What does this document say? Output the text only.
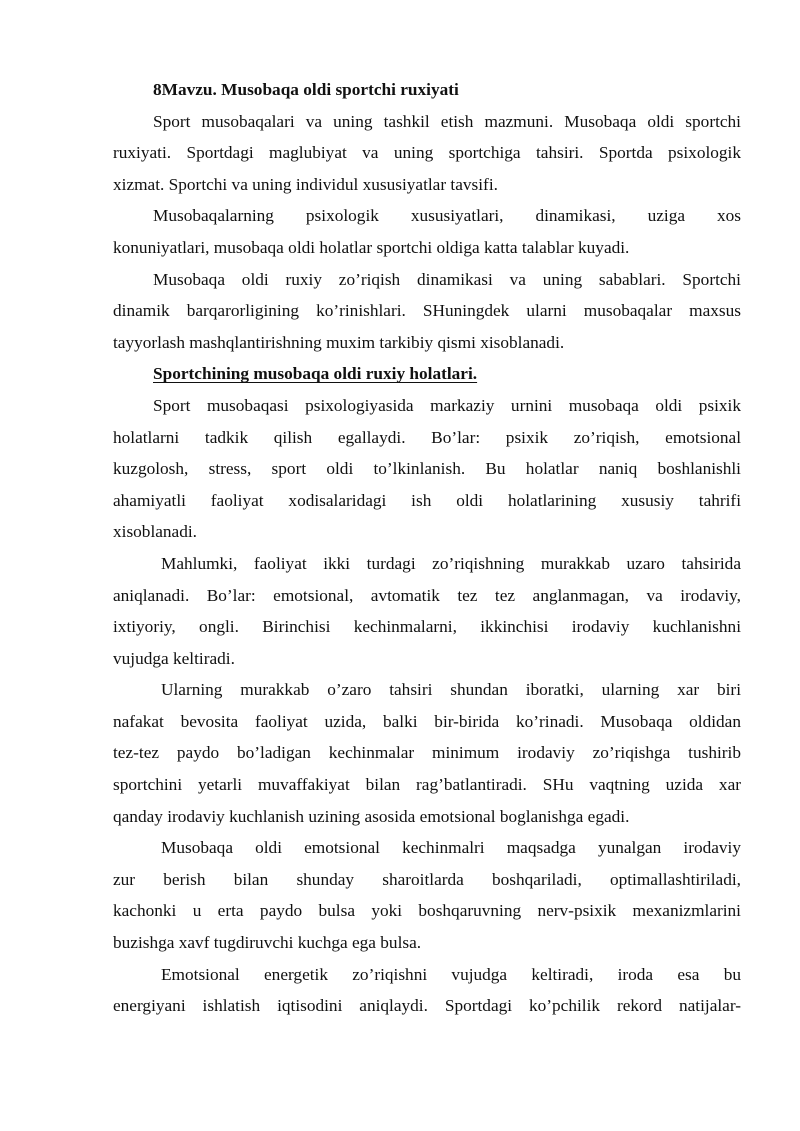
8Mavzu. Musobaqa oldi sportchi ruxiyati
Sport musobaqalari va uning tashkil etish mazmuni. Musobaqa oldi sportchi
ruxiyati. Sportdagi maglubiyat va uning sportchiga tahsiri. Sportda psixologik
xizmat. Sportchi va uning individul xususiyatlar tavsifi.
Musobaqalarning psixologik xususiyatlari, dinamikasi, uziga xos
konuniyatlari, musobaqa oldi holatlar sportchi oldiga katta talablar kuyadi.
Musobaqa oldi ruxiy zo’riqish dinamikasi va uning sabablari. Sportchi
dinamik barqarorligining ko’rinishlari. SHuningdek ularni musobaqalar maxsus
tayyorlash mashqlantirishning muxim tarkibiy qismi xisoblanadi.
Sportchining musobaqa oldi ruxiy holatlari.
Sport musobaqasi psixologiyasida markaziy urnini musobaqa oldi psixik
holatlarni tadkik qilish egallaydi. Bo’lar: psixik zo’riqish, emotsional
kuzgolosh, stress, sport oldi to’lkinlanish. Bu holatlar naniq boshlanishli
ahamiyatli faoliyat xodisalaridagi ish oldi holatlarining xususiy tahrifi
xisoblanadi.
Mahlumki, faoliyat ikki turdagi zo’riqishning murakkab uzaro tahsirida
aniqlanadi. Bo’lar: emotsional, avtomatik tez tez anglanmagan, va irodaviy,
ixtiyoriy, ongli. Birinchisi kechinmalarni, ikkinchisi irodaviy kuchlanishni
vujudga keltiradi.
Ularning murakkab o’zaro tahsiri shundan iboratki, ularning xar biri
nafakat bevosita faoliyat uzida, balki bir-birida ko’rinadi. Musobaqa oldidan
tez-tez paydo bo’ladigan kechinmalar minimum irodaviy zo’riqishga tushirib
sportchini yetarli muvaffakiyat bilan rag’batlantiradi. SHu vaqtning uzida xar
qanday irodaviy kuchlanish uzining asosida emotsional boglanishga egadi.
Musobaqa oldi emotsional kechinmalri maqsadga yunalgan irodaviy
zur berish bilan shunday sharoitlarda boshqariladi, optimallashtiriladi,
kachonki u erta paydo bulsa yoki boshqaruvning nerv-psixik mexanizmlarini
buzishga xavf tugdiruvchi kuchga ega bulsa.
Emotsional energetik zo’riqishni vujudga keltiradi, iroda esa bu
energiyani ishlatish iqtisodini aniqlaydi. Sportdagi ko’pchilik rekord natijalar-
